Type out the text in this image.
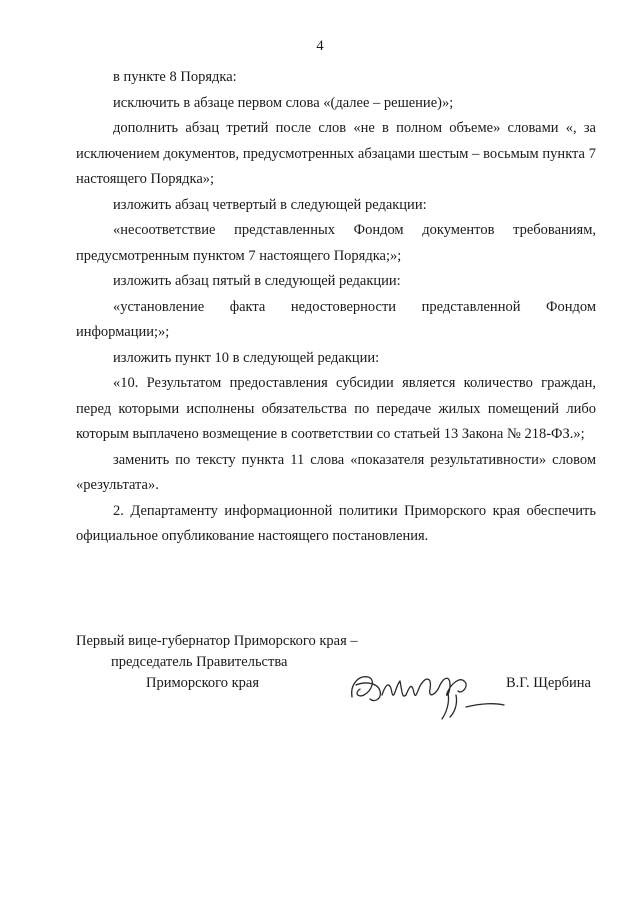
4

в пункте 8 Порядка:

исключить в абзаце первом слова «(далее – решение)»;

дополнить абзац третий после слов «не в полном объеме» словами «, за исключением документов, предусмотренных абзацами шестым – восьмым пункта 7 настоящего Порядка»;

изложить абзац четвертый в следующей редакции:

«несоответствие представленных Фондом документов требованиям, предусмотренным пунктом 7 настоящего Порядка;»;

изложить абзац пятый в следующей редакции:

«установление факта недостоверности представленной Фондом информации;»;

изложить пункт 10 в следующей редакции:

«10. Результатом предоставления субсидии является количество граждан, перед которыми исполнены обязательства по передаче жилых помещений либо которым выплачено возмещение в соответствии со статьей 13 Закона № 218-ФЗ.»;

заменить по тексту пункта 11 слова «показателя результативности» словом «результата».

2. Департаменту информационной политики Приморского края обеспечить официальное опубликование настоящего постановления.

Первый вице-губернатор Приморского края –
председатель Правительства
Приморского края	В.Г. Щербина
